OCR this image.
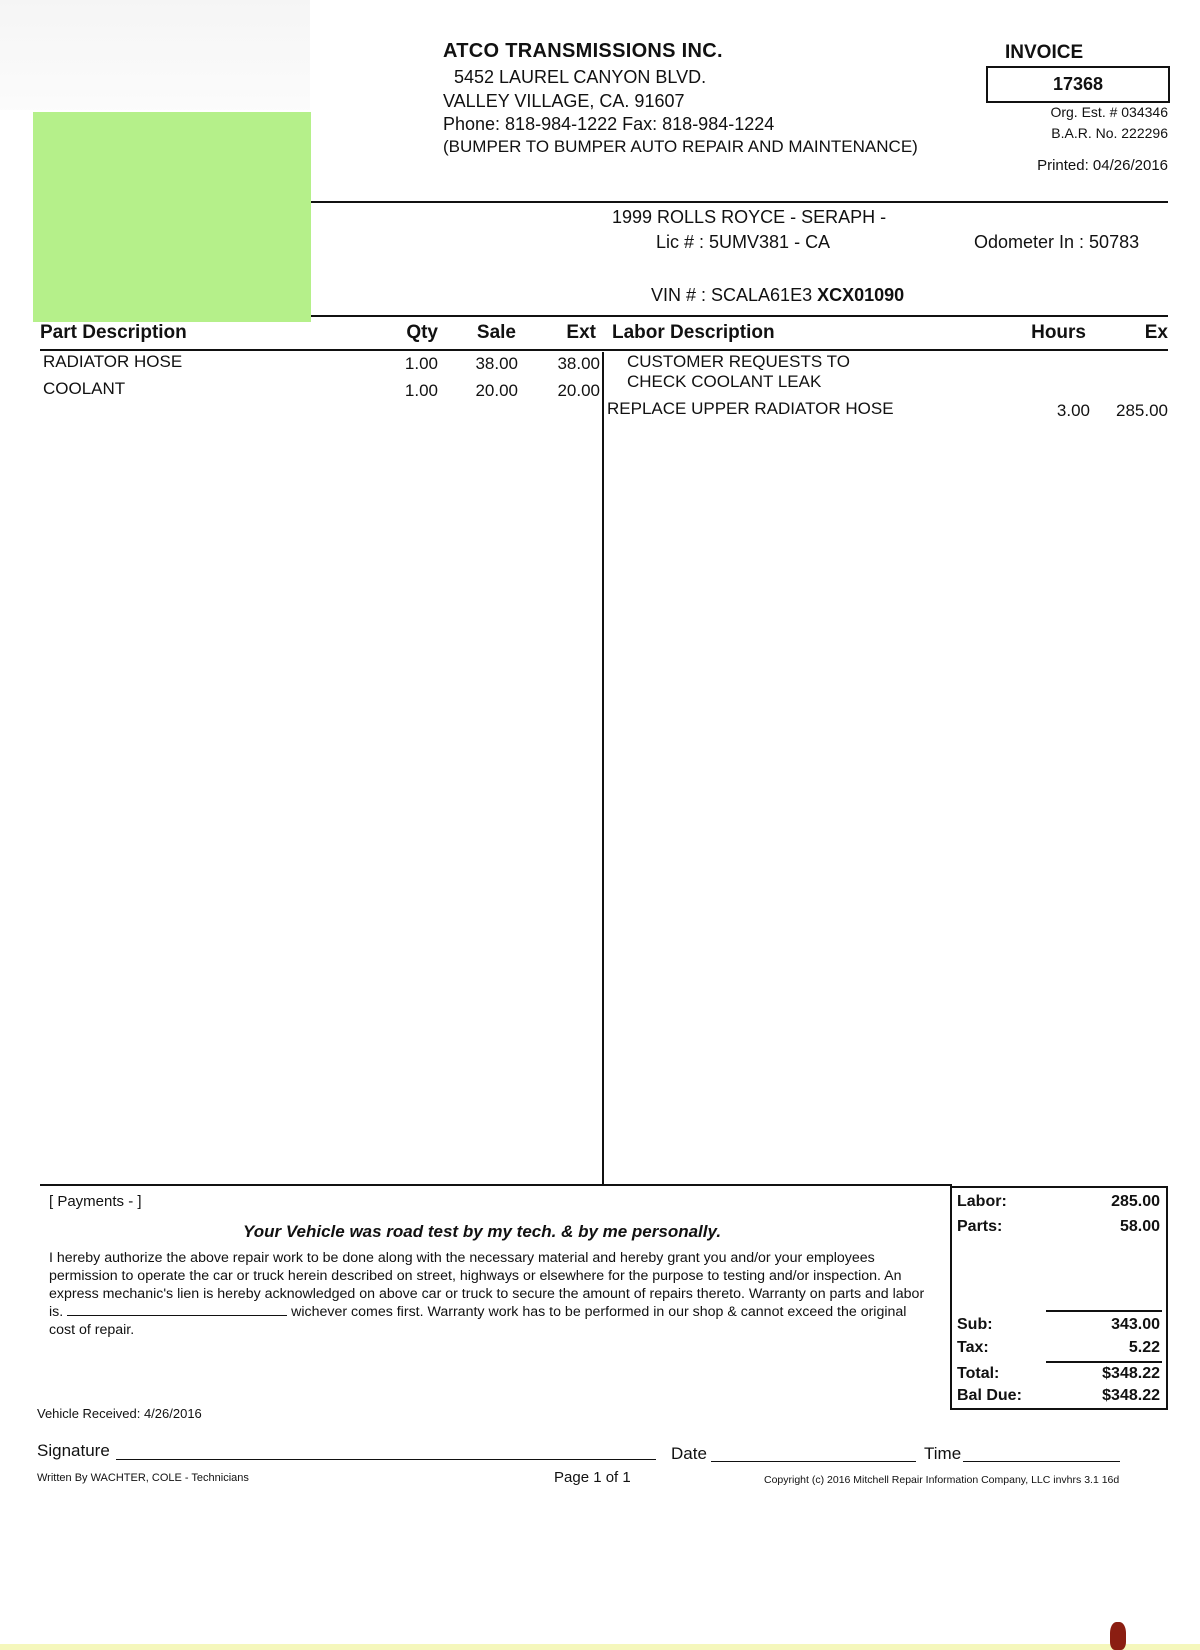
ATCO TRANSMISSIONS INC.
5452 LAUREL CANYON BLVD.
VALLEY VILLAGE, CA. 91607
Phone: 818-984-1222 Fax: 818-984-1224
(BUMPER TO BUMPER AUTO REPAIR AND MAINTENANCE)
INVOICE
17368
Org. Est. # 034346
B.A.R. No. 222296
Printed: 04/26/2016
1999 ROLLS ROYCE - SERAPH -
Lic # : 5UMV381 - CA	Odometer In : 50783
VIN # : SCALA61E3 XCX01090
Part Description	Qty	Sale	Ext Labor Description	Hours	Ex
RADIATOR HOSE	1.00	38.00	38.00
COOLANT	1.00	20.00	20.00
CUSTOMER REQUESTS TO
CHECK COOLANT LEAK
REPLACE UPPER RADIATOR HOSE	3.00	285.00
[ Payments - ]
Your Vehicle was road test by my tech. & by me personally.
I hereby authorize the above repair work to be done along with the necessary material and hereby grant you and/or your employees permission to operate the car or truck herein described on street, highways or elsewhere for the purpose to testing and/or inspection. An express mechanic's lien is hereby acknowledged on above car or truck to secure the amount of repairs thereto. Warranty on parts and labor is.	wichever comes first. Warranty work has to be performed in our shop & cannot exceed the original cost of repair.
Labor:	285.00
Parts:	58.00
Sub:	343.00
Tax:	5.22
Total:	$348.22
Bal Due:	$348.22
Vehicle Received: 4/26/2016
Signature	Date	Time
Written By WACHTER, COLE - Technicians	Page 1 of 1	Copyright (c) 2016 Mitchell Repair Information Company, LLC invhrs 3.1 16d
